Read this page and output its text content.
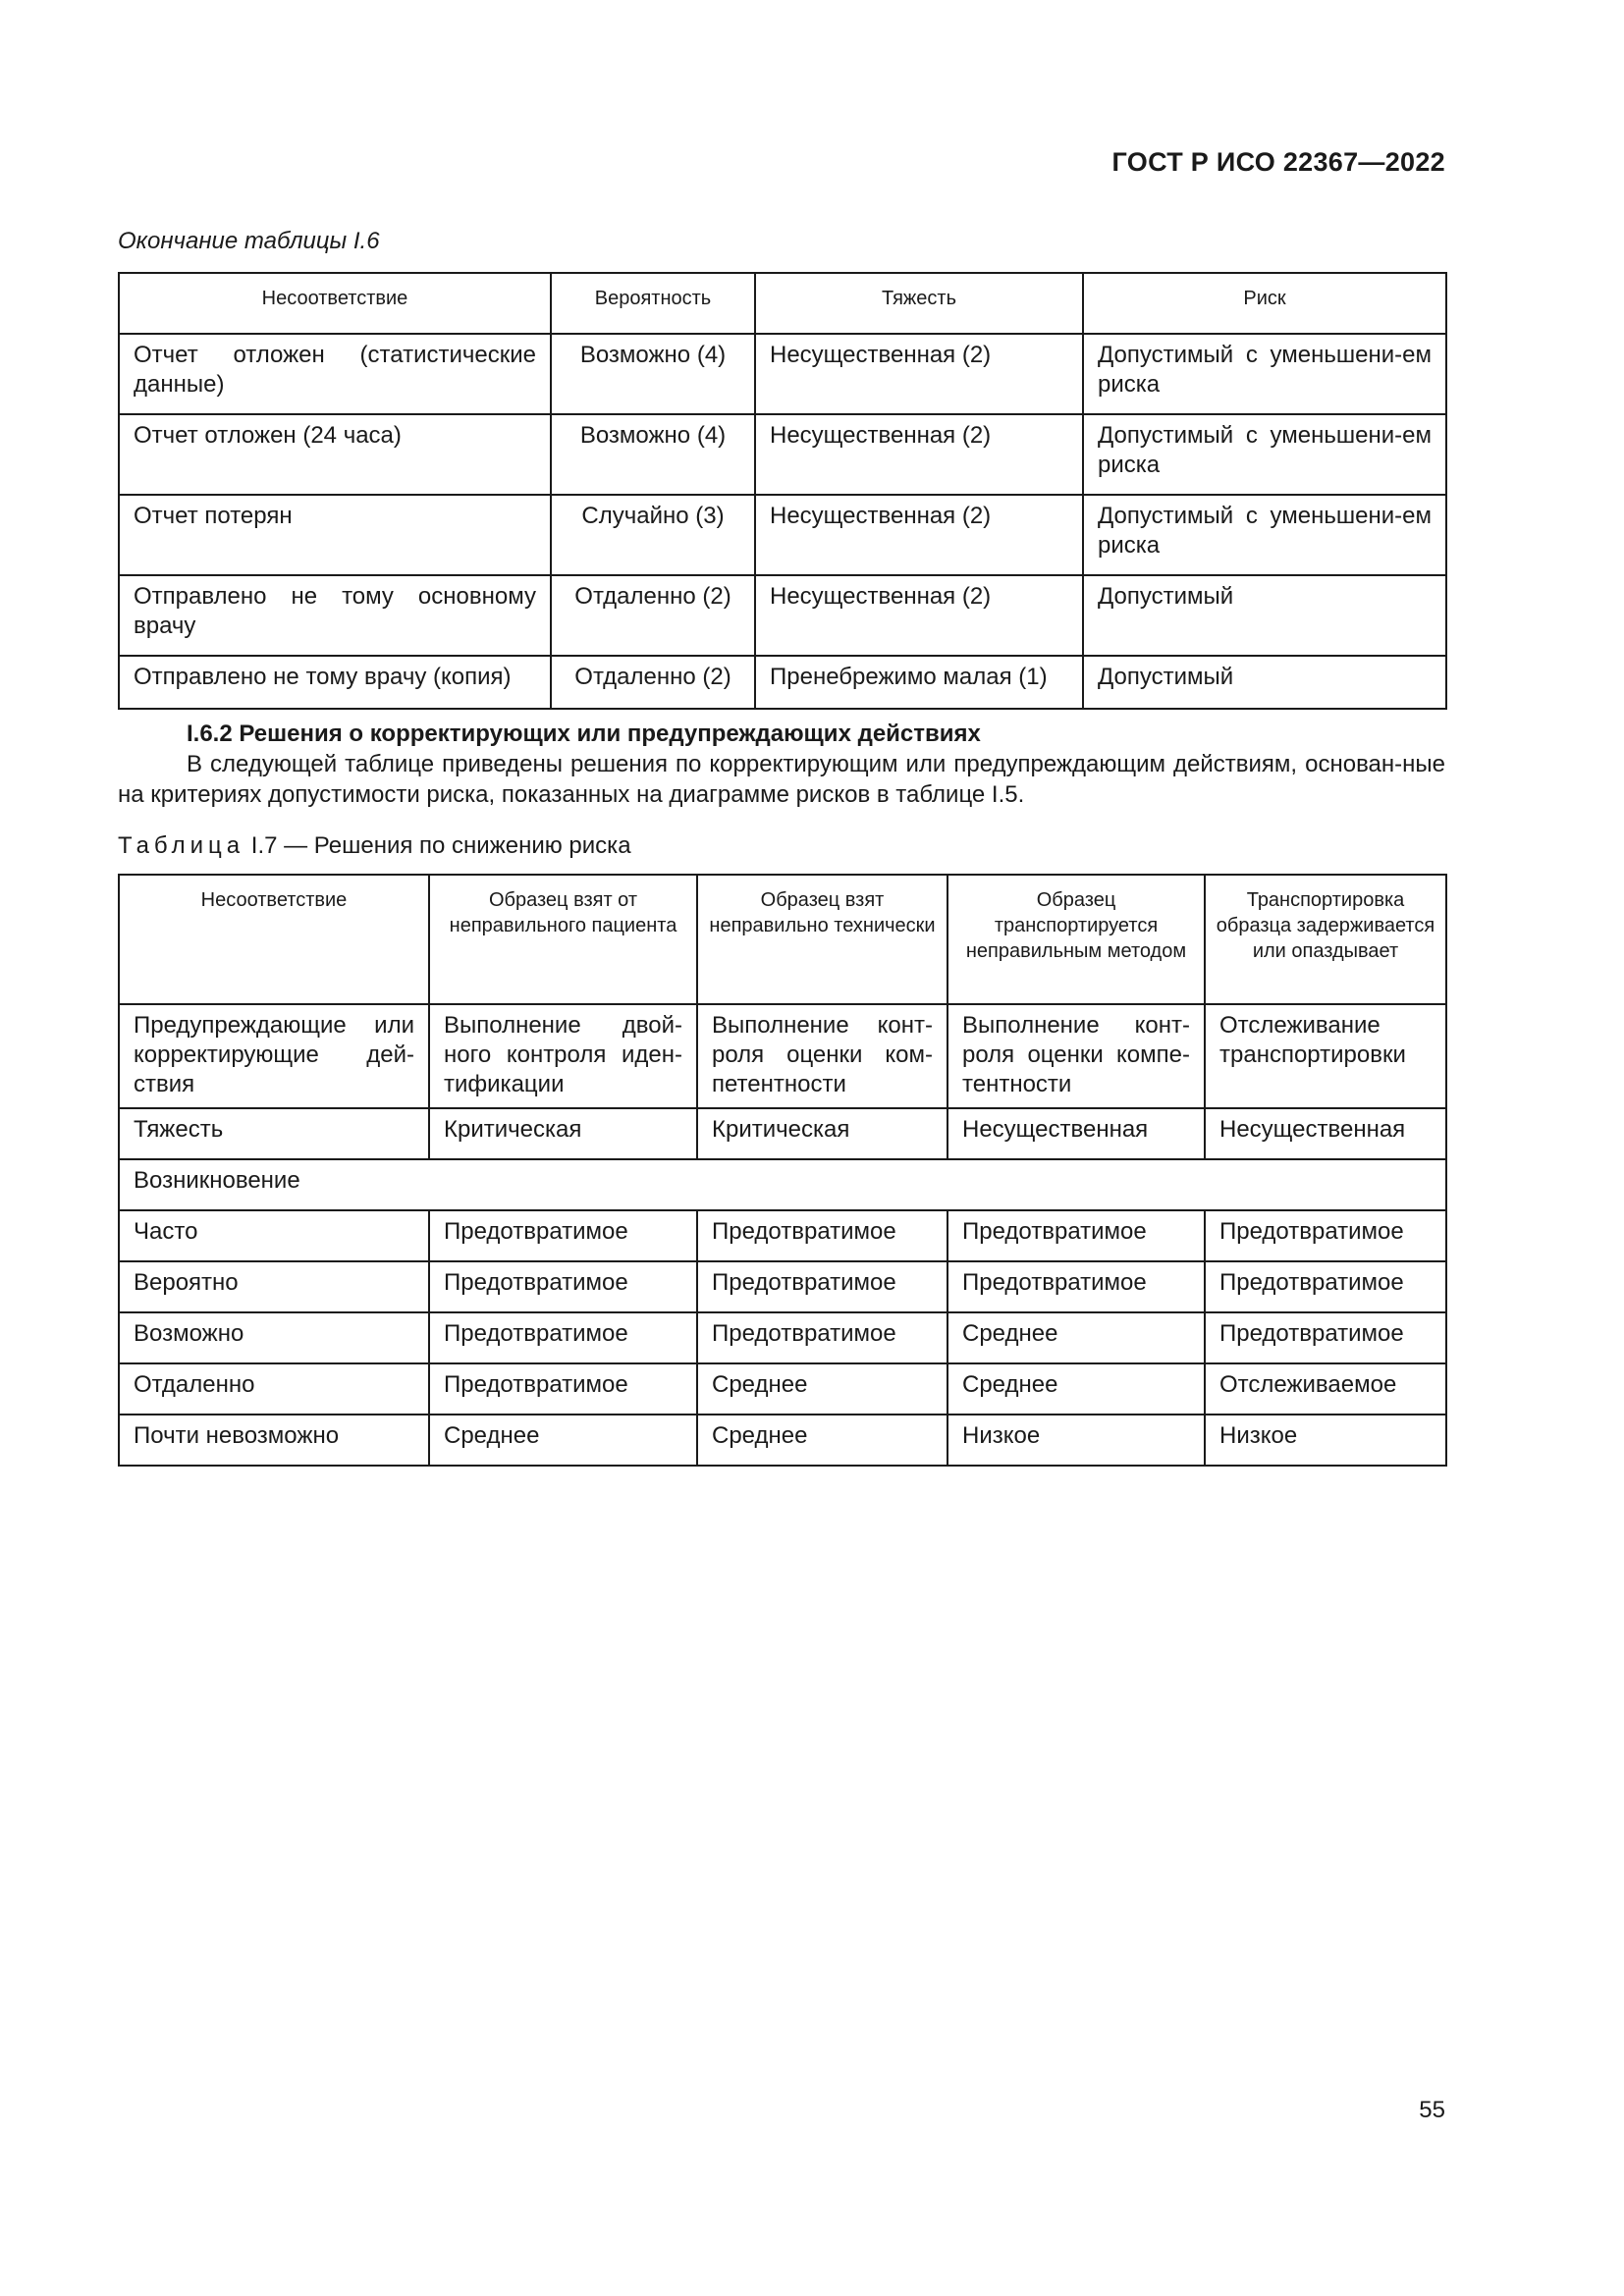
ГОСТ Р ИСО 22367—2022
Окончание таблицы I.6
Несоответствие	Вероятность	Тяжесть	Риск
Отчет отложен (статистические данные)	Возможно (4)	Несущественная (2)	Допустимый с уменьшени-ем риска
Отчет отложен (24 часа)	Возможно (4)	Несущественная (2)	Допустимый с уменьшени-ем риска
Отчет потерян	Случайно (3)	Несущественная (2)	Допустимый с уменьшени-ем риска
Отправлено не тому основному врачу	Отдаленно (2)	Несущественная (2)	Допустимый
Отправлено не тому врачу (копия)	Отдаленно (2)	Пренебрежимо малая (1)	Допустимый
I.6.2 Решения о корректирующих или предупреждающих действиях
В следующей таблице приведены решения по корректирующим или предупреждающим действиям, основан-ные на критериях допустимости риска, показанных на диаграмме рисков в таблице I.5.
Таблица I.7 — Решения по снижению риска
Несоответствие	Образец взят от неправильного пациента	Образец взят неправильно технически	Образец транспортируется неправильным методом	Транспортировка образца задерживается или опаздывает
Предупреждающие или корректирующие дей-ствия	Выполнение двой-ного контроля иден-тификации	Выполнение конт-роля оценки ком-петентности	Выполнение конт-роля оценки компе-тентности	Отслеживание транспортировки
Тяжесть	Критическая	Критическая	Несущественная	Несущественная
Возникновение				
Часто	Предотвратимое	Предотвратимое	Предотвратимое	Предотвратимое
Вероятно	Предотвратимое	Предотвратимое	Предотвратимое	Предотвратимое
Возможно	Предотвратимое	Предотвратимое	Среднее	Предотвратимое
Отдаленно	Предотвратимое	Среднее	Среднее	Отслеживаемое
Почти невозможно	Среднее	Среднее	Низкое	Низкое
55
